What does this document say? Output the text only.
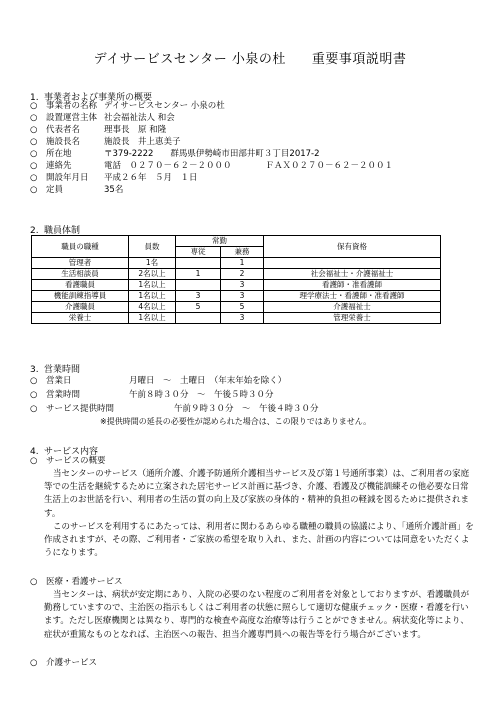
デイサービスセンター 小泉の杜 重要事項説明書
1. 事業者および事業所の概要
○ 事業者の名称 デイサービスセンター 小泉の杜
○ 設置運営主体 社会福祉法人 和会
○ 代表者名	理事長　原 和隆
○ 施設長名	施設長　井上恵美子
○ 所在地	〒379-2222　　群馬県伊勢崎市田部井町３丁目2017-2
○ 連絡先	電話　０２７０－６２－２０００	ＦＡＸ０２７０－６２－２００１
○ 開設年月日 平成２６年　５月　１日
○ 定員	35名
2. 職員体制
職員の職種	員数	常勤		保有資格
		専従	兼務	
管理者	1名		1	
生活相談員	2名以上	1	2	社会福祉士・介護福祉士
看護職員	1名以上		3	看護師・准看護師
機能訓練指導員	1名以上	3	3	理学療法士・看護師・准看護師
介護職員	4名以上	5	5	介護福祉士
栄養士	1名以上		3	管理栄養士
3. 営業時間
○ 営業日	月曜日　～　土曜日　（年末年始を除く）
○ 営業時間	午前８時３０分　～　午後５時３０分
○ サービス提供時間	午前９時３０分　～　午後４時３０分
※提供時間の延長の必要性が認められた場合は、この限りではありません。
4. サービス内容
○ サービスの概要

当センターのサービス（通所介護、介護予防通所介護相当サービス及び第１号通所事業）は、ご利用者の家庭等での生活を継続するために立案された居宅サービス計画に基づき、介護、看護及び機能訓練その他必要な日常生活上のお世話を行い、利用者の生活の質の向上及び家族の身体的・精神的負担の軽減を図るために提供されます。

このサービスを利用するにあたっては、利用者に関わるあらゆる職種の職員の協議により、「通所介護計画」を作成されますが、その際、ご利用者・ご家族の希望を取り入れ、また、計画の内容については同意をいただくようになります。

○ 医療・看護サービス

当センターは、病状が安定期にあり、入院の必要のない程度のご利用者を対象としておりますが、看護職員が勤務していますので、主治医の指示もしくはご利用者の状態に照らして適切な健康チェック・医療・看護を行います。ただし医療機関とは異なり、専門的な検査や高度な治療等は行うことができません。病状変化等により、症状が重篤なものとなれば、主治医への報告、担当介護専門員への報告等を行う場合がございます。

○ 介護サービス
